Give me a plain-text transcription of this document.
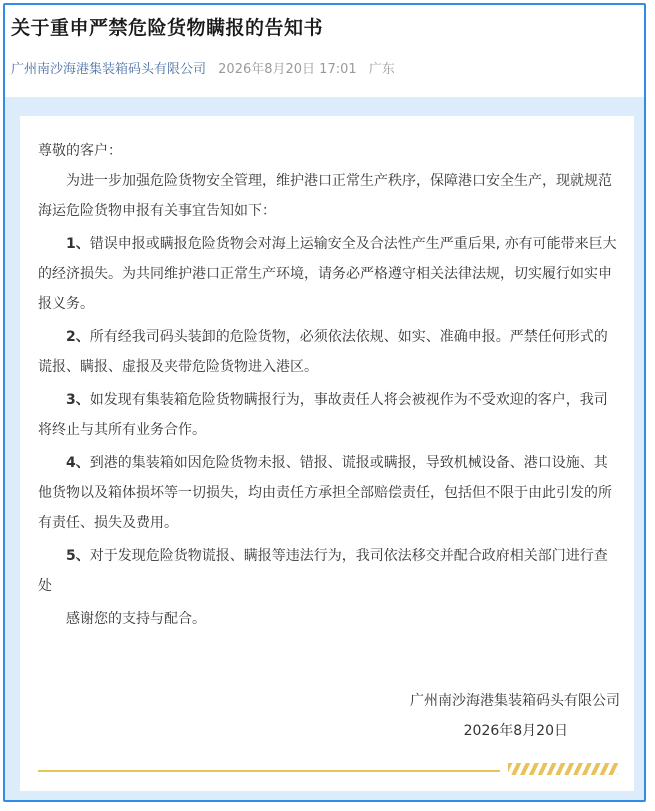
关于重申严禁危险货物瞒报的告知书
广州南沙海港集装箱码头有限公司 2026年8月20日 17:01 广东

尊敬的客户：

为进一步加强危险货物安全管理，维护港口正常生产秩序，保障港口安全生产，现就规范海运危险货物申报有关事宜告知如下：

1、错误申报或瞒报危险货物会对海上运输安全及合法性产生严重后果, 亦有可能带来巨大的经济损失。为共同维护港口正常生产环境，请务必严格遵守相关法律法规，切实履行如实申报义务。

2、所有经我司码头装卸的危险货物，必须依法依规、如实、准确申报。严禁任何形式的谎报、瞒报、虚报及夹带危险货物进入港区。

3、如发现有集装箱危险货物瞒报行为，事故责任人将会被视作为不受欢迎的客户，我司将终止与其所有业务合作。

4、到港的集装箱如因危险货物未报、错报、谎报或瞒报，导致机械设备、港口设施、其他货物以及箱体损坏等一切损失，均由责任方承担全部赔偿责任，包括但不限于由此引发的所有责任、损失及费用。

5、对于发现危险货物谎报、瞒报等违法行为，我司依法移交并配合政府相关部门进行查处

感谢您的支持与配合。

广州南沙海港集装箱码头有限公司
2026年8月20日
